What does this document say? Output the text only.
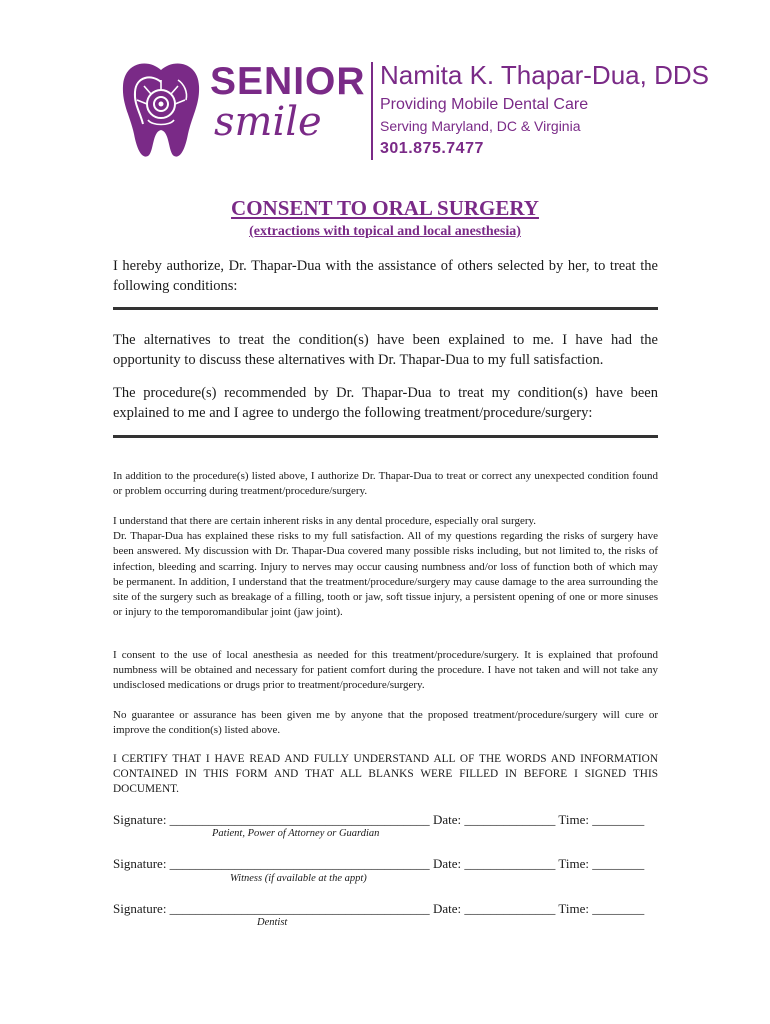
SENIOR
smile
Namita K. Thapar-Dua, DDS
Providing Mobile Dental Care
Serving Maryland, DC & Virginia
301.875.7477
CONSENT TO ORAL SURGERY
(extractions with topical and local anesthesia)
I hereby authorize, Dr. Thapar-Dua with the assistance of others selected by her, to treat the following conditions:
The alternatives to treat the condition(s) have been explained to me. I have had the opportunity to discuss these alternatives with Dr. Thapar-Dua to my full satisfaction.
The procedure(s) recommended by Dr. Thapar-Dua to treat my condition(s) have been explained to me and I agree to undergo the following treatment/procedure/surgery:
In addition to the procedure(s) listed above, I authorize Dr. Thapar-Dua to treat or correct any unexpected condition found or problem occurring during treatment/procedure/surgery.

I understand that there are certain inherent risks in any dental procedure, especially oral surgery.

Dr. Thapar-Dua has explained these risks to my full satisfaction. All of my questions regarding the risks of surgery have been answered. My discussion with Dr. Thapar-Dua covered many possible risks including, but not limited to, the risks of infection, bleeding and scarring. Injury to nerves may occur causing numbness and/or loss of function both of which may be permanent. In addition, I understand that the treatment/procedure/surgery may cause damage to the area surrounding the site of the surgery such as breakage of a filling, tooth or jaw, soft tissue injury, a persistent opening of one or more sinuses or injury to the temporomandibular joint (jaw joint).

I consent to the use of local anesthesia as needed for this treatment/procedure/surgery. It is explained that profound numbness will be obtained and necessary for patient comfort during the procedure. I have not taken and will not take any undisclosed medications or drugs prior to treatment/procedure/surgery.
No guarantee or assurance has been given me by anyone that the proposed treatment/procedure/surgery will cure or improve the condition(s) listed above.
I CERTIFY THAT I HAVE READ AND FULLY UNDERSTAND ALL OF THE WORDS AND INFORMATION CONTAINED IN THIS FORM AND THAT ALL BLANKS WERE FILLED IN BEFORE I SIGNED THIS DOCUMENT.
Signature: ________________________________________ Date: ______________ Time: ________
Patient, Power of Attorney or Guardian
Signature: ________________________________________ Date: ______________ Time: ________
Witness (if available at the appt)
Signature: ________________________________________ Date: ______________ Time: ________
Dentist
